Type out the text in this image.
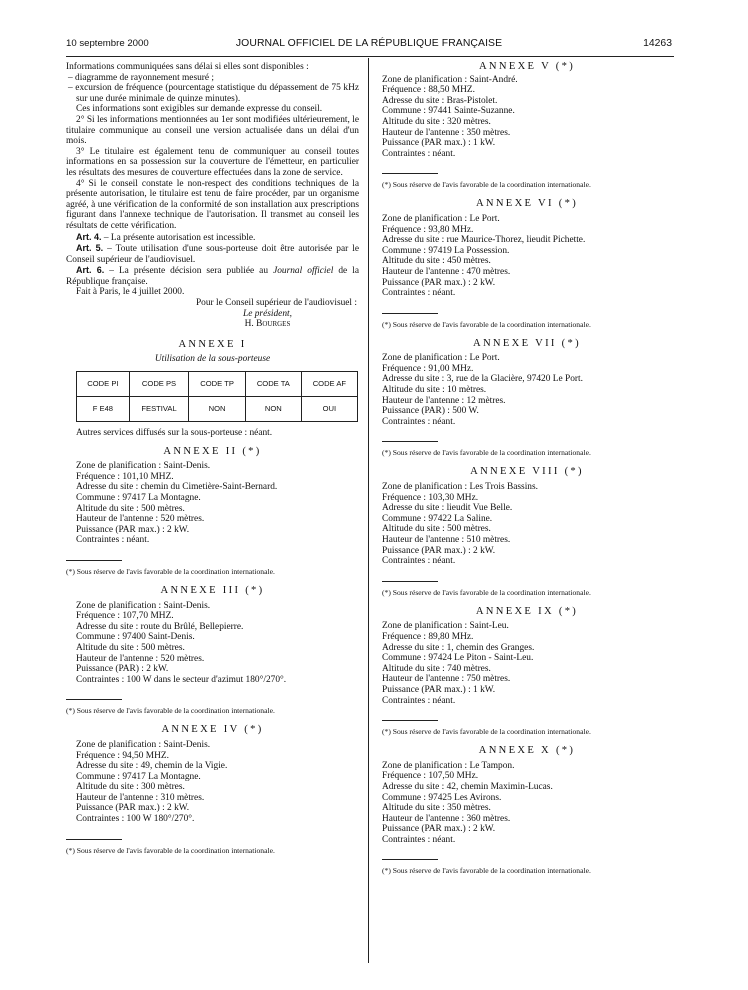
10 septembre 2000	JOURNAL OFFICIEL DE LA RÉPUBLIQUE FRANÇAISE	14263

Informations communiquées sans délai si elles sont disponibles :

– diagramme de rayonnement mesuré ;

– excursion de fréquence (pourcentage statistique du dépassement de 75 kHz sur une durée minimale de quinze minutes).

Ces informations sont exigibles sur demande expresse du conseil.

2° Si les informations mentionnées au 1er sont modifiées ultérieurement, le titulaire communique au conseil une version actualisée dans un délai d'un mois.

3° Le titulaire est également tenu de communiquer au conseil toutes informations en sa possession sur la couverture de l'émetteur, en particulier les résultats des mesures de couverture effectuées dans la zone de service.

4° Si le conseil constate le non-respect des conditions techniques de la présente autorisation, le titulaire est tenu de faire procéder, par un organisme agréé, à une vérification de la conformité de son installation aux prescriptions figurant dans l'annexe technique de l'autorisation. Il transmet au conseil les résultats de cette vérification.

Art. 4. – La présente autorisation est incessible.

Art. 5. – Toute utilisation d'une sous-porteuse doit être autorisée par le Conseil supérieur de l'audiovisuel.

Art. 6. – La présente décision sera publiée au Journal officiel de la République française.

Fait à Paris, le 4 juillet 2000.

Pour le Conseil supérieur de l'audiovisuel :

Le président,

H. Bourges

ANNEXE I

Utilisation de la sous-porteuse

CODE PI	CODE PS	CODE TP	CODE TA	CODE AF
F E48	FESTIVAL	NON	NON	OUI

Autres services diffusés sur la sous-porteuse : néant.

ANNEXE II (*)

Zone de planification : Saint-Denis.

Fréquence : 101,10 MHZ.

Adresse du site : chemin du Cimetière-Saint-Bernard.

Commune : 97417 La Montagne.

Altitude du site : 500 mètres.

Hauteur de l'antenne : 520 mètres.

Puissance (PAR max.) : 2 kW.

Contraintes : néant.

(*) Sous réserve de l'avis favorable de la coordination internationale.

ANNEXE III (*)

Zone de planification : Saint-Denis.

Fréquence : 107,70 MHZ.

Adresse du site : route du Brûlé, Bellepierre.

Commune : 97400 Saint-Denis.

Altitude du site : 500 mètres.

Hauteur de l'antenne : 520 mètres.

Puissance (PAR) : 2 kW.

Contraintes : 100 W dans le secteur d'azimut 180°/270°.

(*) Sous réserve de l'avis favorable de la coordination internationale.

ANNEXE IV (*)

Zone de planification : Saint-Denis.

Fréquence : 94,50 MHZ.

Adresse du site : 49, chemin de la Vigie.

Commune : 97417 La Montagne.

Altitude du site : 300 mètres.

Hauteur de l'antenne : 310 mètres.

Puissance (PAR max.) : 2 kW.

Contraintes : 100 W 180°/270°.

(*) Sous réserve de l'avis favorable de la coordination internationale.

ANNEXE V (*)

Zone de planification : Saint-André.

Fréquence : 88,50 MHZ.

Adresse du site : Bras-Pistolet.

Commune : 97441 Sainte-Suzanne.

Altitude du site : 320 mètres.

Hauteur de l'antenne : 350 mètres.

Puissance (PAR max.) : 1 kW.

Contraintes : néant.

(*) Sous réserve de l'avis favorable de la coordination internationale.

ANNEXE VI (*)

Zone de planification : Le Port.

Fréquence : 93,80 MHz.

Adresse du site : rue Maurice-Thorez, lieudit Pichette.

Commune : 97419 La Possession.

Altitude du site : 450 mètres.

Hauteur de l'antenne : 470 mètres.

Puissance (PAR max.) : 2 kW.

Contraintes : néant.

(*) Sous réserve de l'avis favorable de la coordination internationale.

ANNEXE VII (*)

Zone de planification : Le Port.

Fréquence : 91,00 MHz.

Adresse du site : 3, rue de la Glacière, 97420 Le Port.

Altitude du site : 10 mètres.

Hauteur de l'antenne : 12 mètres.

Puissance (PAR) : 500 W.

Contraintes : néant.

(*) Sous réserve de l'avis favorable de la coordination internationale.

ANNEXE VIII (*)

Zone de planification : Les Trois Bassins.

Fréquence : 103,30 MHz.

Adresse du site : lieudit Vue Belle.

Commune : 97422 La Saline.

Altitude du site : 500 mètres.

Hauteur de l'antenne : 510 mètres.

Puissance (PAR max.) : 2 kW.

Contraintes : néant.

(*) Sous réserve de l'avis favorable de la coordination internationale.

ANNEXE IX (*)

Zone de planification : Saint-Leu.

Fréquence : 89,80 MHz.

Adresse du site : 1, chemin des Granges.

Commune : 97424 Le Piton - Saint-Leu.

Altitude du site : 740 mètres.

Hauteur de l'antenne : 750 mètres.

Puissance (PAR max.) : 1 kW.

Contraintes : néant.

(*) Sous réserve de l'avis favorable de la coordination internationale.

ANNEXE X (*)

Zone de planification : Le Tampon.

Fréquence : 107,50 MHz.

Adresse du site : 42, chemin Maximin-Lucas.

Commune : 97425 Les Avirons.

Altitude du site : 350 mètres.

Hauteur de l'antenne : 360 mètres.

Puissance (PAR max.) : 2 kW.

Contraintes : néant.

(*) Sous réserve de l'avis favorable de la coordination internationale.
